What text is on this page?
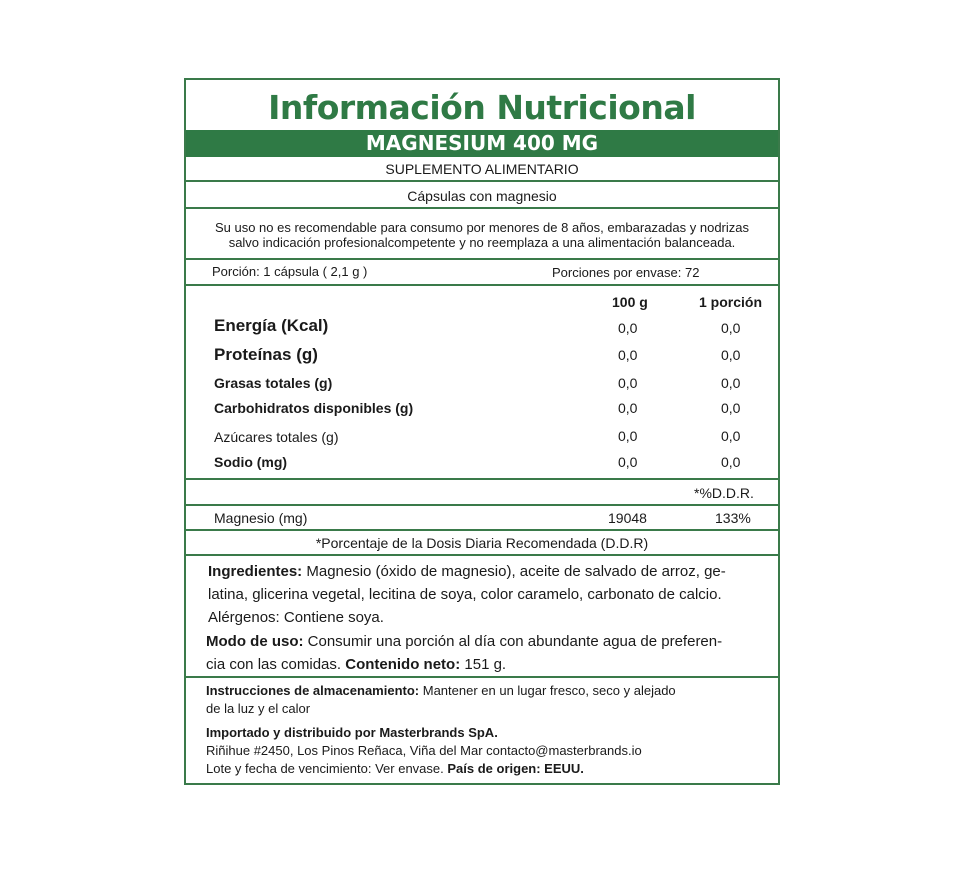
Información Nutricional
MAGNESIUM 400 MG
SUPLEMENTO ALIMENTARIO
Cápsulas con magnesio
Su uso no es recomendable para consumo por menores de 8 años, embarazadas y nodrizas
salvo indicación profesionalcompetente y no reemplaza a una alimentación balanceada.
Porción: 1 cápsula ( 2,1 g )	Porciones por envase: 72
100 g	1 porción
Energía (Kcal)	0,0	0,0
Proteínas (g)	0,0	0,0
Grasas totales (g)	0,0	0,0
Carbohidratos disponibles (g)	0,0	0,0
Azúcares totales (g)	0,0	0,0
Sodio (mg)	0,0	0,0
*%D.D.R.
Magnesio (mg)	19048	133%
*Porcentaje de la Dosis Diaria Recomendada (D.D.R)
Ingredientes: Magnesio (óxido de magnesio), aceite de salvado de arroz, ge-
latina, glicerina vegetal, lecitina de soya, color caramelo, carbonato de calcio.
Alérgenos: Contiene soya.
Modo de uso: Consumir una porción al día con abundante agua de preferen-
cia con las comidas. Contenido neto: 151 g.
Instrucciones de almacenamiento: Mantener en un lugar fresco, seco y alejado
de la luz y el calor
Importado y distribuido por Masterbrands SpA.
Riñihue #2450, Los Pinos Reñaca, Viña del Mar contacto@masterbrands.io
Lote y fecha de vencimiento: Ver envase. País de origen: EEUU.
